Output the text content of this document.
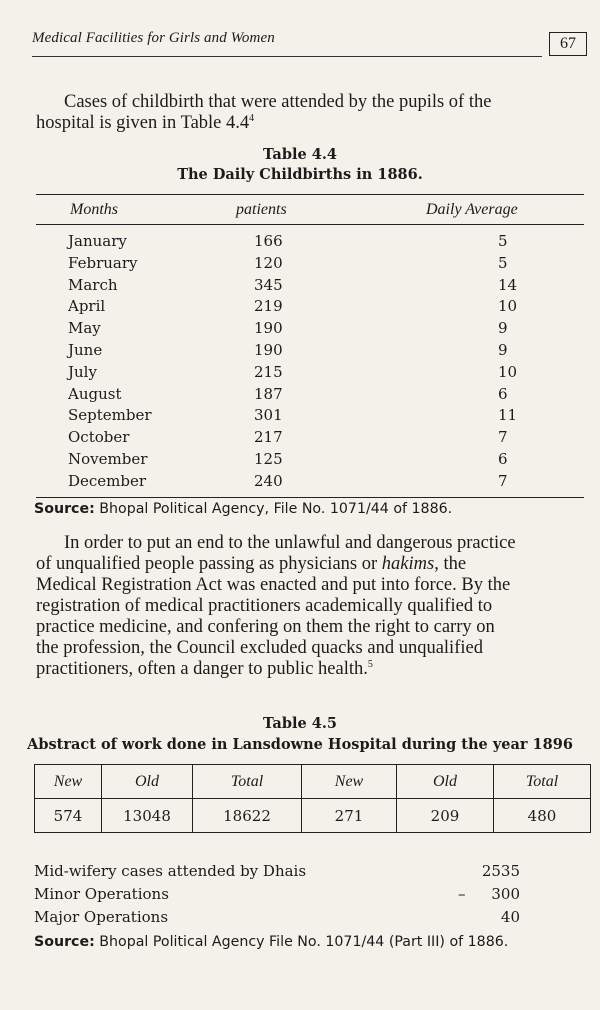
Medical Facilities for Girls and Women	67
Cases of childbirth that were attended by the pupils of the
hospital is given in Table $4.4^4$
Table 4.4
The Daily Childbirths in 1886.
Months	patients	Daily Average
January	166	5
February	120	5
March	345	14
April	219	10
May	190	9
June	190	9
July	215	10
August	187	6
September	301	11
October	217	7
November	125	6
December	240	7
Source: Bhopal Political Agency, File No. 1071/44 of 1886.
In order to put an end to the unlawful and dangerous practice
of unqualified people passing as physicians or hakims, the
Medical Registration Act was enacted and put into force. By the
registration of medical practitioners academically qualified to
practice medicine, and confering on them the right to carry on
the profession, the Council excluded quacks and unqualified
practitioners, often a danger to public health.$^5$
Table 4.5
Abstract of work done in Lansdowne Hospital during the year 1896
New	Old	Total	New	Old	Total
574	13048	18622	271	209	480
Mid-wifery cases attended by Dhais	2535
Minor Operations	–	300
Major Operations	40
Source: Bhopal Political Agency File No. 1071/44 (Part III) of 1886.
